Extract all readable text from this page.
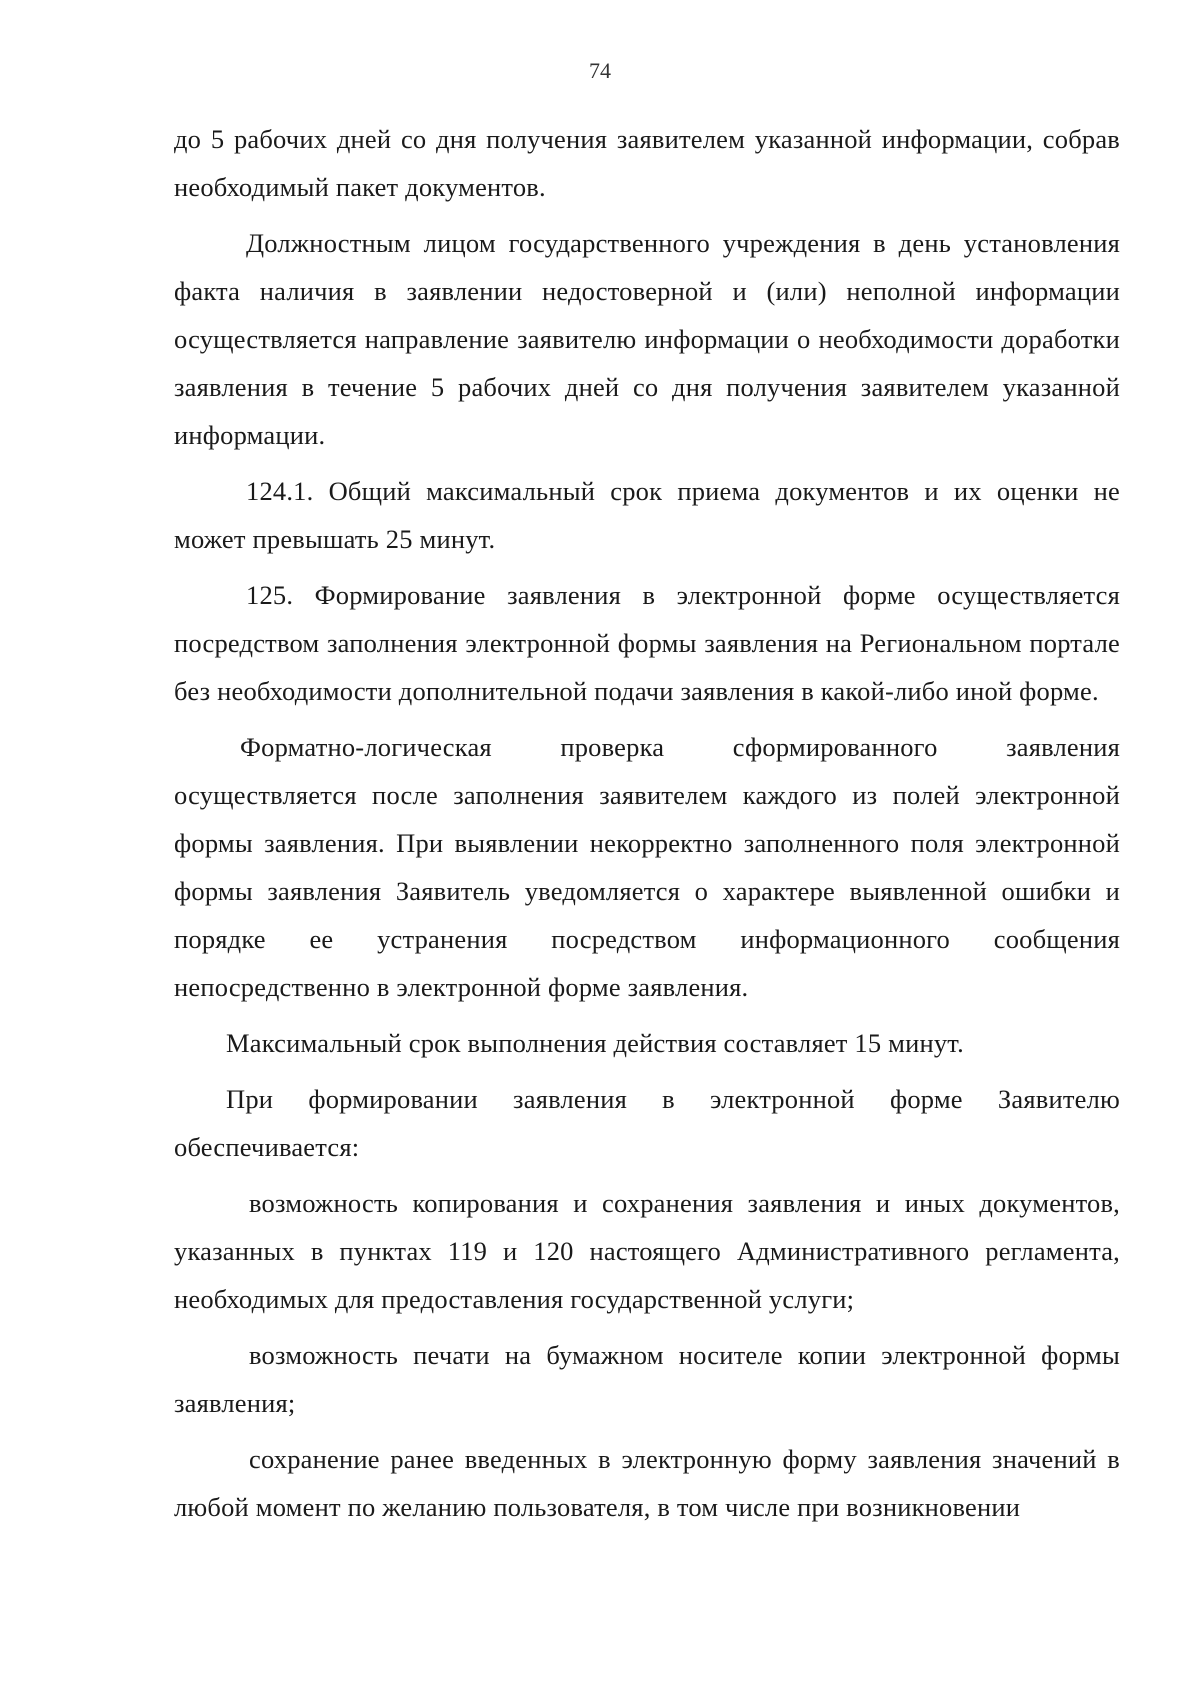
74

до 5 рабочих дней со дня получения заявителем указанной информации, собрав необходимый пакет документов.

Должностным лицом государственного учреждения в день установления факта наличия в заявлении недостоверной и (или) неполной информации осуществляется направление заявителю информации о необходимости доработки заявления в течение 5 рабочих дней со дня получения заявителем указанной информации.

124.1. Общий максимальный срок приема документов и их оценки не может превышать 25 минут.

125. Формирование заявления в электронной форме осуществляется посредством заполнения электронной формы заявления на Региональном портале без необходимости дополнительной подачи заявления в какой-либо иной форме.

Форматно-логическая проверка сформированного заявления осуществляется после заполнения заявителем каждого из полей электронной формы заявления. При выявлении некорректно заполненного поля электронной формы заявления Заявитель уведомляется о характере выявленной ошибки и порядке ее устранения посредством информационного сообщения непосредственно в электронной форме заявления.

Максимальный срок выполнения действия составляет 15 минут.

При формировании заявления в электронной форме Заявителю обеспечивается:

возможность копирования и сохранения заявления и иных документов, указанных в пунктах 119 и 120 настоящего Административного регламента, необходимых для предоставления государственной услуги;

возможность печати на бумажном носителе копии электронной формы заявления;

сохранение ранее введенных в электронную форму заявления значений в любой момент по желанию пользователя, в том числе при возникновении
